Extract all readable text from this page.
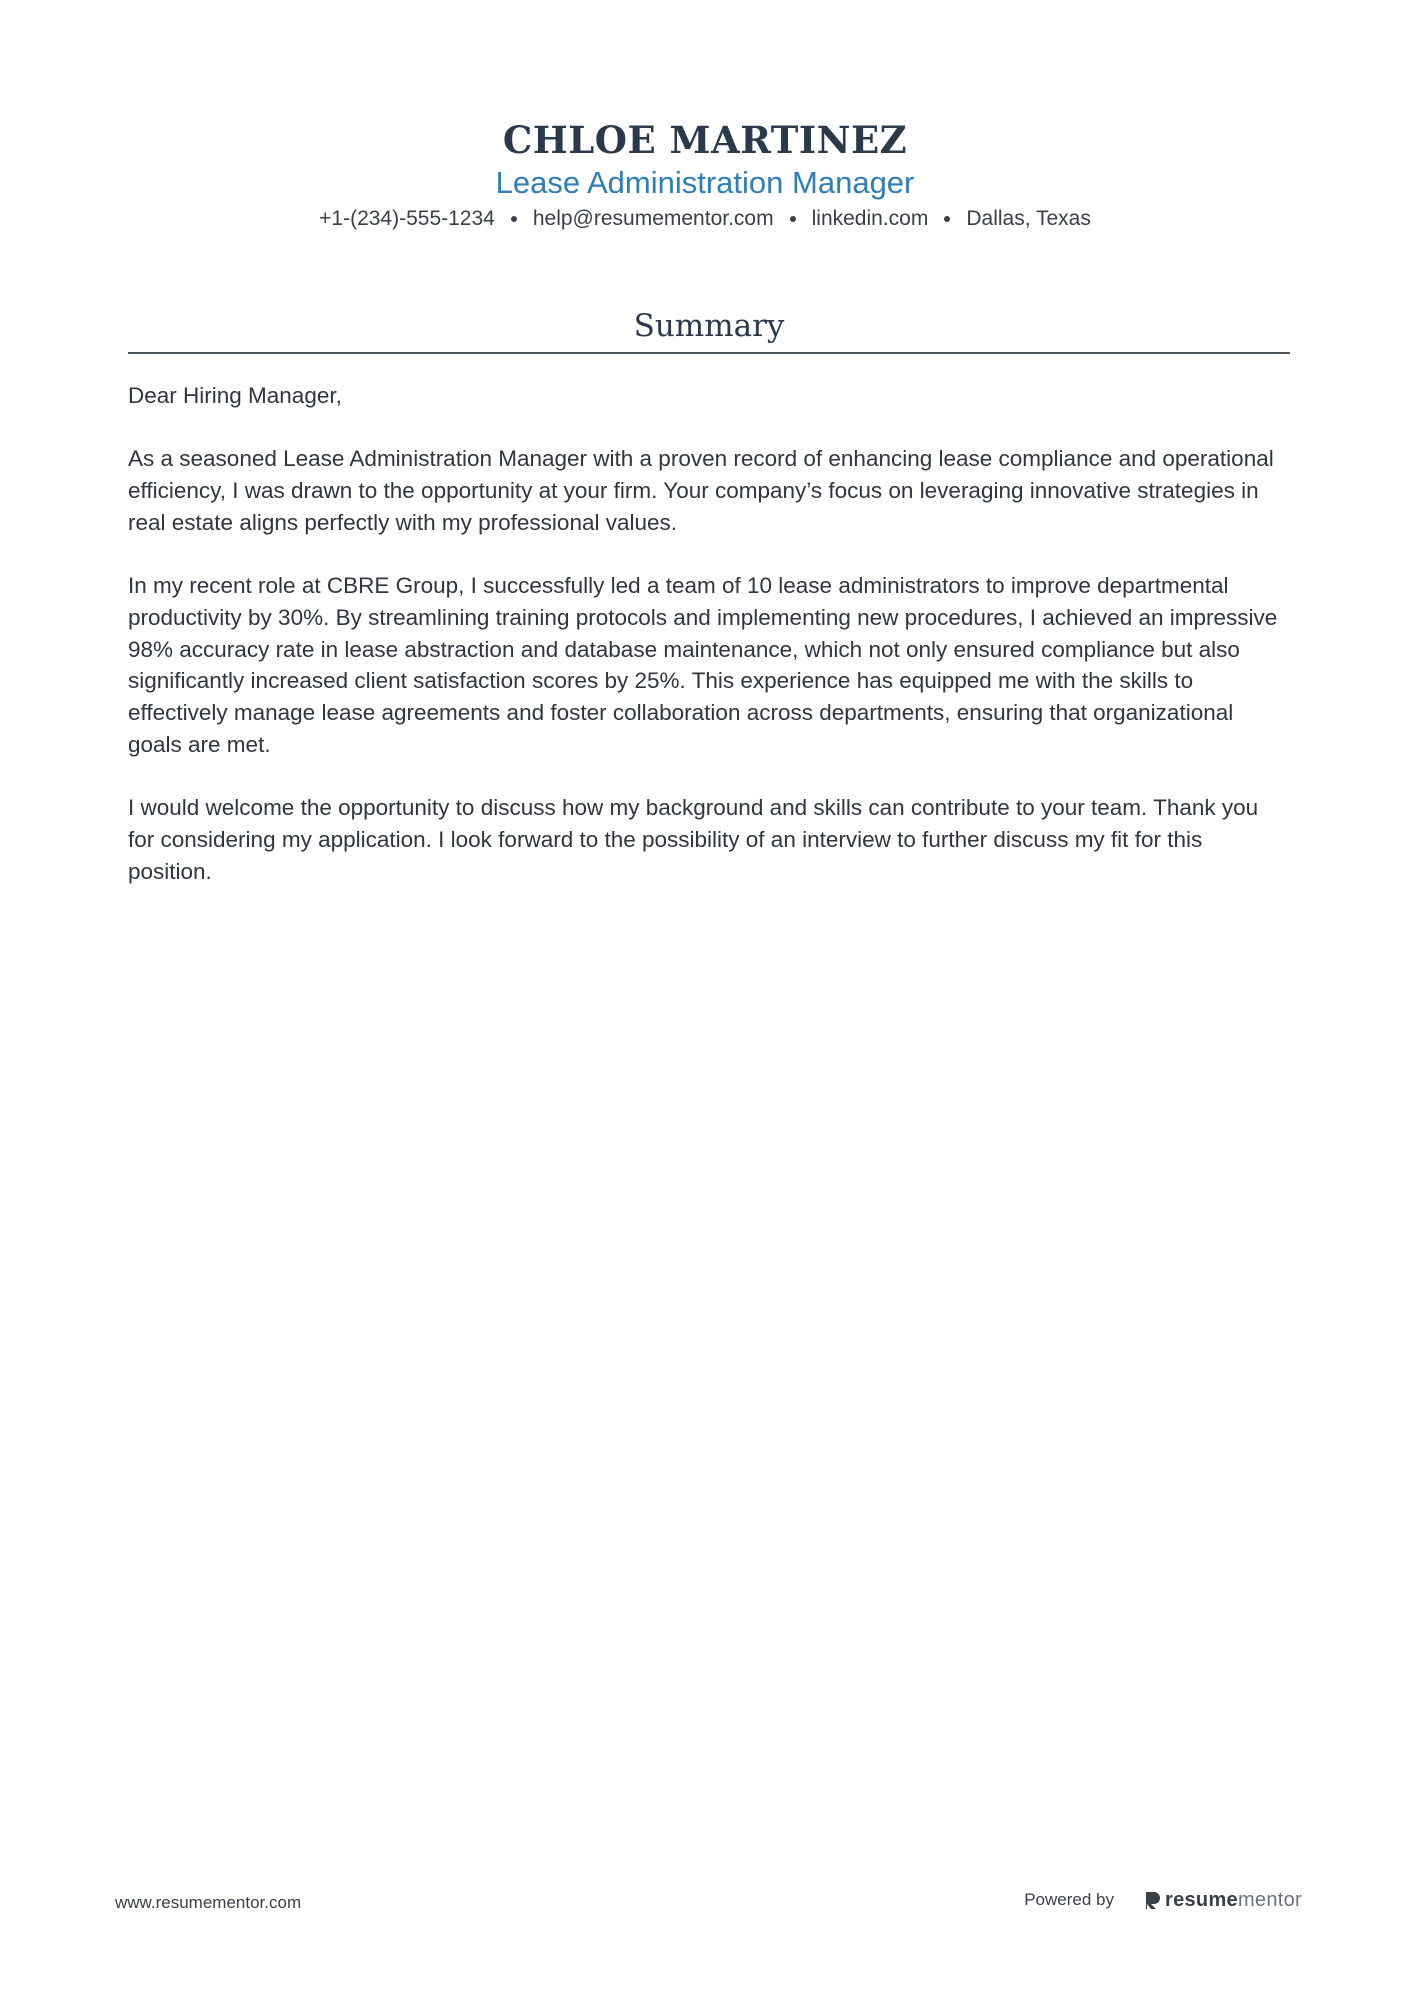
CHLOE MARTINEZ
Lease Administration Manager
+1-(234)-555-1234 help@resumementor.com linkedin.com Dallas, Texas
Summary

Dear Hiring Manager,

As a seasoned Lease Administration Manager with a proven record of enhancing lease compliance and operational efficiency, I was drawn to the opportunity at your firm. Your company’s focus on leveraging innovative strategies in real estate aligns perfectly with my professional values.

In my recent role at CBRE Group, I successfully led a team of 10 lease administrators to improve departmental productivity by 30%. By streamlining training protocols and implementing new procedures, I achieved an impressive 98% accuracy rate in lease abstraction and database maintenance, which not only ensured compliance but also significantly increased client satisfaction scores by 25%. This experience has equipped me with the skills to effectively manage lease agreements and foster collaboration across departments, ensuring that organizational goals are met.

I would welcome the opportunity to discuss how my background and skills can contribute to your team. Thank you for considering my application. I look forward to the possibility of an interview to further discuss my fit for this position.

www.resumementor.com	Powered by	resumementor
